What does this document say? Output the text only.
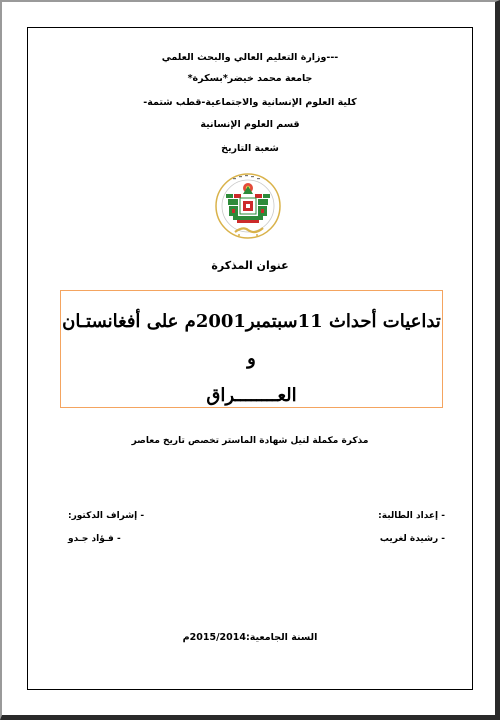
---وزارة التعليم العالي والبحث العلمي
جامعة محمد خيضر*بسكرة*
كلية العلوم الإنسانية والاجتماعية-قطب شتمة-
قسم العلوم الإنسانية
شعبة التاريخ
عنوان المذكرة
تداعيات أحداث 11سبتمبر2001م على أفغانستـان و
العــــــــراق
مذكرة مكملة لنيل شهادة الماستر تخصص تاريخ معاصر
- إعداد الطالبة:
- رشيدة لغريب
- إشراف الدكتور:
- فـؤاد جـدو
السنة الجامعية:2015/2014م
